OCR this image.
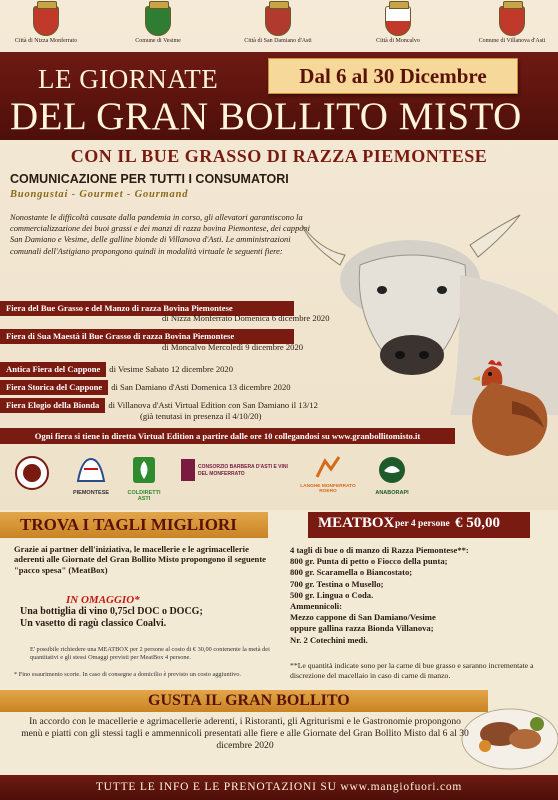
Città di Nizza Monferrato	Comune di Vesime	Città di San Damiano d'Asti	Città di Moncalvo	Comune di Villanova d'Asti
LE GIORNATE
DEL GRAN BOLLITO MISTO
Dal 6 al 30 Dicembre
CON IL BUE GRASSO DI RAZZA PIEMONTESE
COMUNICAZIONE PER TUTTI I CONSUMATORI
Buongustai - Gourmet - Gourmand
Nonostante le difficoltà causate dalla pandemia in corso, gli allevatori garantiscono la commercializzazione dei buoi grassi e dei manzi di razza bovina Piemontese, dei capponi San Damiano e Vesime, delle galline bionde di Villanova d'Asti. Le amministrazioni comunali dell'Astigiano propongono quindi in modalità virtuale le seguenti fiere:
Fiera del Bue Grasso e del Manzo di razza Bovina Piemontese
di Nizza Monferrato Domenica 6 dicembre 2020
Fiera di Sua Maestà il Bue Grasso di razza Bovina Piemontese
di Moncalvo Mercoledì 9 dicembre 2020
Antica Fiera del Cappone di Vesime Sabato 12 dicembre 2020
Fiera Storica del Cappone di San Damiano d'Asti Domenica 13 dicembre 2020
Fiera Elogio della Bionda di Villanova d'Asti Virtual Edition con San Damiano il 13/12
(già tenutasi in presenza il 4/10/20)
Ogni fiera si tiene in diretta Virtual Edition a partire dalle ore 10 collegandosi su www.granbollitomisto.it
PIEMONTESE	COLDIRETTI ASTI
CONSORZIO BARBERA D'ASTI E VINI DEL MONFERRATO
LANGHE MONFERRATO ROERO	ANABORAPI
TROVA I TAGLI MIGLIORI	MEATBOX per 4 persone € 50,00
Grazie ai partner dell'iniziativa, le macellerie e le agrimacellerie aderenti alle Giornate del Gran Bollito Misto propongono il seguente "pacco spesa" (MeatBox)
IN OMAGGIO*
Una bottiglia di vino 0,75cl DOC o DOCG;
Un vasetto di ragù classico Coalvi.
E' possibile richiedere una MEATBOX per 2 persone al costo di € 30,00 contenente la metà dei quantitativi e gli stessi Omaggi previsti per MeatBox 4 persone.
* Fino esaurimento scorte. In caso di consegne a domicilio è previsto un costo aggiuntivo.
4 tagli di bue o di manzo di Razza Piemontese**:
800 gr. Punta di petto o Fiocco della punta;
800 gr. Scaramella o Biancostato;
700 gr. Testina o Musello;
500 gr. Lingua o Coda.
Ammennicoli:
Mezzo cappone di San Damiano/Vesime
oppure gallina razza Bionda Villanova;
Nr. 2 Cotechini medi.
**Le quantità indicate sono per la carne di bue grasso e saranno incrementate a discrezione del macellaio in caso di carne di manzo.
GUSTA IL GRAN BOLLITO
In accordo con le macellerie e agrimacellerie aderenti, i Ristoranti, gli Agriturismi e le Gastronomie propongono menù e piatti con gli stessi tagli e ammennicoli presentati alle fiere e alle Giornate del Gran Bollito Misto dal 6 al 30 dicembre 2020
TUTTE LE INFO E LE PRENOTAZIONI SU www.mangiofuori.com
